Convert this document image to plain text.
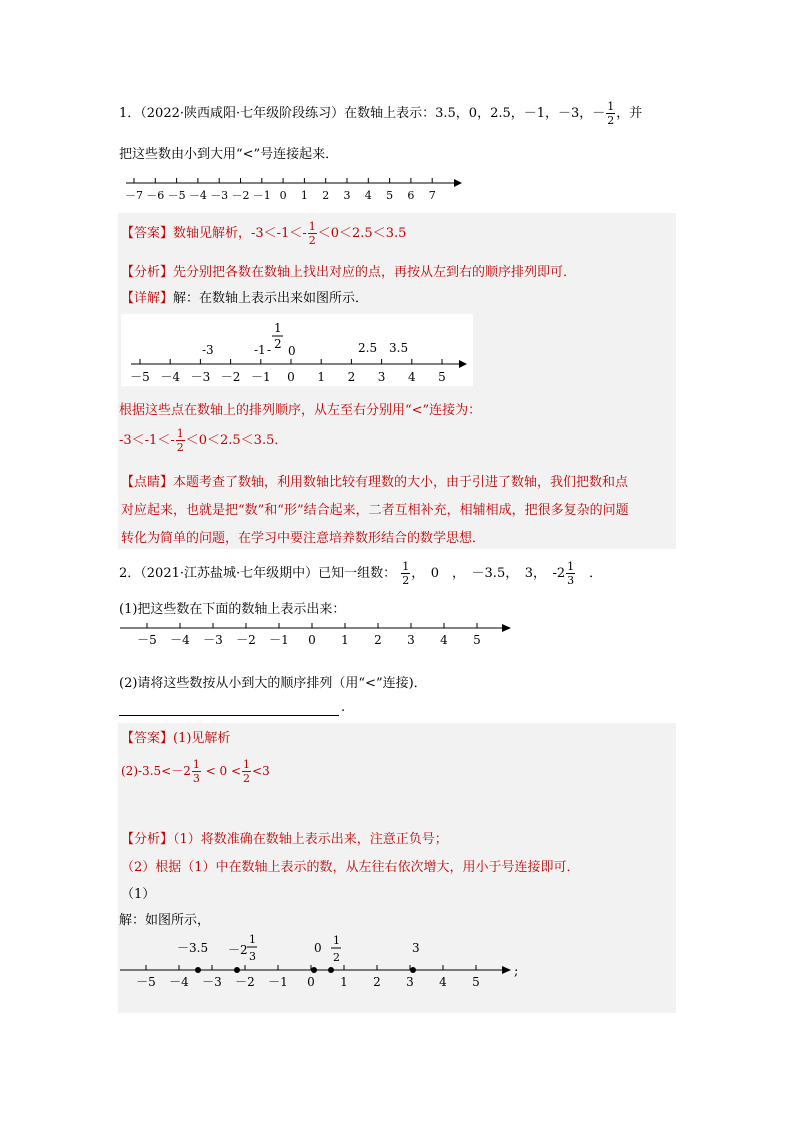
1．（2022·陕西咸阳·七年级阶段练习）在数轴上表示：3.5，0，2.5，－1，－3，－ $\frac{1}{2}$ ，并
把这些数由小到大用“<”号连接起来．
－7 －6 －5 －4 －3 －2 －1 0 1 2 3 4 5 6 7
【答案】数轴见解析，$-3<-1<- \frac{1}{2} <0<2.5<3.5$
【分析】先分别把各数在数轴上找出对应的点，再按从左到右的顺序排列即可．
【详解】解：在数轴上表示出来如图所示．
-3	-1 -
1
2 0	2.5 3.5
－5 －4 －3 －2 －1 0 1 2 3 4 5
根据这些点在数轴上的排列顺序，从左至右分别用“<”连接为：
$-3<-1<- \frac{1}{2} <0<2.5<3.5$．
【点睛】本题考查了数轴，利用数轴比较有理数的大小，由于引进了数轴，我们把数和点
对应起来，也就是把“数”和“形”结合起来，二者互相补充，相辅相成，把很多复杂的问题
转化为简单的问题，在学习中要注意培养数形结合的数学思想．
2．（2021·江苏盐城·七年级期中）已知一组数： $\frac{1}{2}$ ，　0　，　－3.5，　3，　$-2 \frac{1}{3}$
　 ．
(1)把这些数在下面的数轴上表示出来：
－5 －4 －3 －2 －1 0 1 2 3 4 5
(2)请将这些数按从小到大的顺序排列（用“<”连接)．
.
【答案】(1)见解析
$(2)-3.5<-2 \frac{1}{3} < 0 < \frac{1}{2} <3$
【分析】（1）将数准确在数轴上表示出来，注意正负号；
（2）根据（1）中在数轴上表示的数，从左往右依次增大，用小于号连接即可．
（1）
解：如图所示，
－3.5 －2
1
3
0
1
2
3
;
－5 －4 －3 －2 －1 0 1 2 3 4 5
